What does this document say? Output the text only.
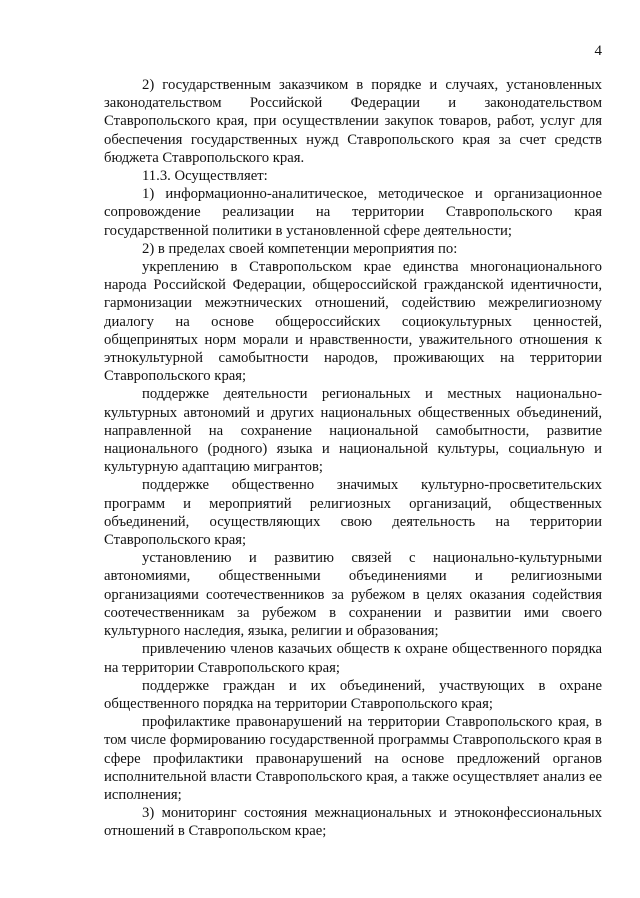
4

2) государственным заказчиком в порядке и случаях, установленных законодательством Российской Федерации и законодательством Ставропольского края, при осуществлении закупок товаров, работ, услуг для обеспечения государственных нужд Ставропольского края за счет средств бюджета Ставропольского края.

11.3. Осуществляет:

1) информационно-аналитическое, методическое и организационное сопровождение реализации на территории Ставропольского края государственной политики в установленной сфере деятельности;

2) в пределах своей компетенции мероприятия по:

укреплению в Ставропольском крае единства многонационального народа Российской Федерации, общероссийской гражданской идентичности, гармонизации межэтнических отношений, содействию межрелигиозному диалогу на основе общероссийских социокультурных ценностей, общепринятых норм морали и нравственности, уважительного отношения к этнокультурной самобытности народов, проживающих на территории Ставропольского края;

поддержке деятельности региональных и местных национально-культурных автономий и других национальных общественных объединений, направленной на сохранение национальной самобытности, развитие национального (родного) языка и национальной культуры, социальную и культурную адаптацию мигрантов;

поддержке общественно значимых культурно-просветительских программ и мероприятий религиозных организаций, общественных объединений, осуществляющих свою деятельность на территории Ставропольского края;

установлению и развитию связей с национально-культурными автономиями, общественными объединениями и религиозными организациями соотечественников за рубежом в целях оказания содействия соотечественникам за рубежом в сохранении и развитии ими своего культурного наследия, языка, религии и образования;

привлечению членов казачьих обществ к охране общественного порядка на территории Ставропольского края;

поддержке граждан и их объединений, участвующих в охране общественного порядка на территории Ставропольского края;

профилактике правонарушений на территории Ставропольского края, в том числе формированию государственной программы Ставропольского края в сфере профилактики правонарушений на основе предложений органов исполнительной власти Ставропольского края, а также осуществляет анализ ее исполнения;

3) мониторинг состояния межнациональных и этноконфессиональных отношений в Ставропольском крае;
